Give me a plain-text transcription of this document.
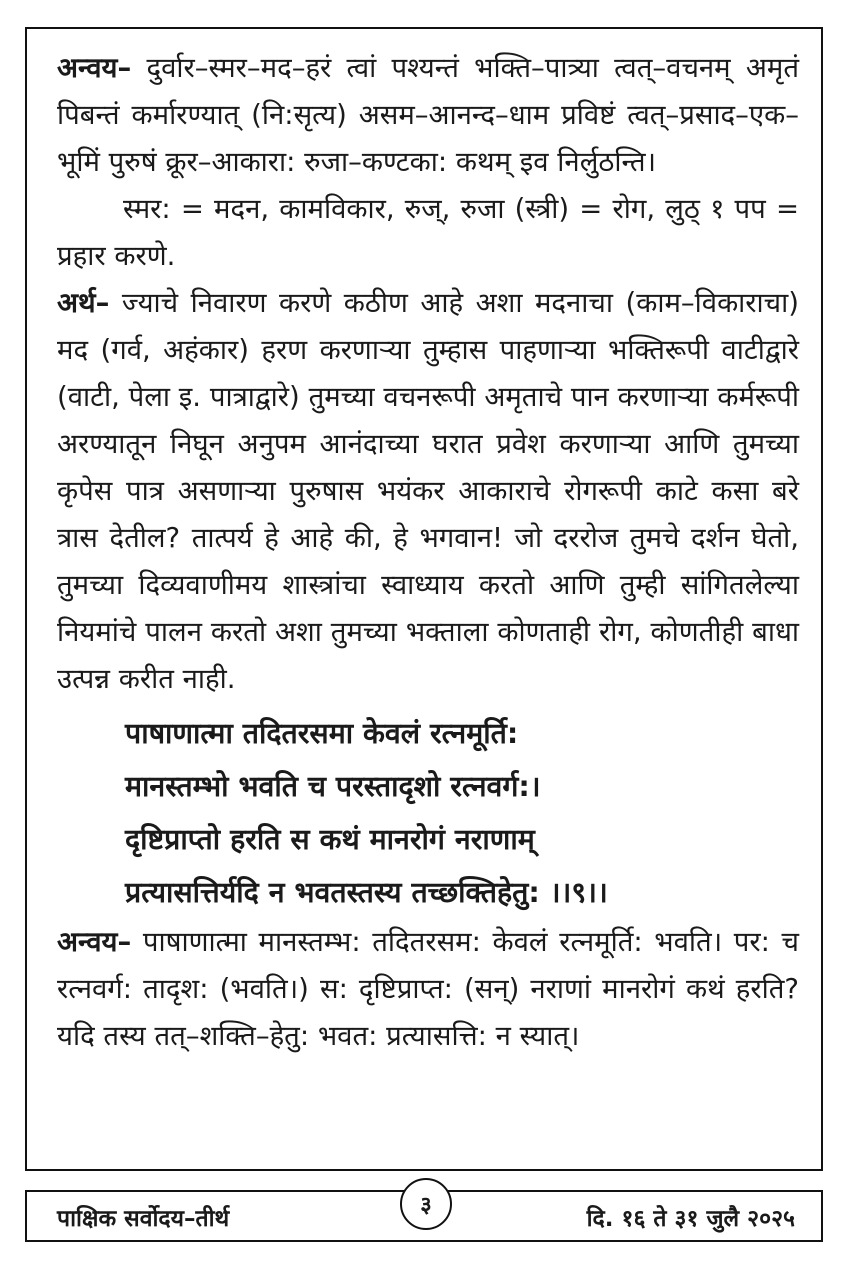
अन्वय– दुर्वार–स्मर–मद–हरं त्वां पश्यन्तं भक्ति–पात्र्या त्वत्–वचनम् अमृतं पिबन्तं कर्मारण्यात् (नि:सृत्य) असम–आनन्द–धाम प्रविष्टं त्वत्–प्रसाद–एक–भूमिं पुरुषं क्रूर–आकारा: रुजा–कण्टका: कथम् इव निर्लुठन्ति।

स्मर: = मदन, कामविकार, रुज्, रुजा (स्त्री) = रोग, लुठ् १ पप = प्रहार करणे.

अर्थ– ज्याचे निवारण करणे कठीण आहे अशा मदनाचा (काम–विकाराचा) मद (गर्व, अहंकार) हरण करणाऱ्या तुम्हास पाहणाऱ्या भक्तिरूपी वाटीद्वारे (वाटी, पेला इ. पात्राद्वारे) तुमच्या वचनरूपी अमृताचे पान करणाऱ्या कर्मरूपी अरण्यातून निघून अनुपम आनंदाच्या घरात प्रवेश करणाऱ्या आणि तुमच्या कृपेस पात्र असणाऱ्या पुरुषास भयंकर आकाराचे रोगरूपी काटे कसा बरे त्रास देतील? तात्पर्य हे आहे की, हे भगवान! जो दररोज तुमचे दर्शन घेतो, तुमच्या दिव्यवाणीमय शास्त्रांचा स्वाध्याय करतो आणि तुम्ही सांगितलेल्या नियमांचे पालन करतो अशा तुमच्या भक्ताला कोणताही रोग, कोणतीही बाधा उत्पन्न करीत नाही.

पाषाणात्मा तदितरसमा केवलं रत्नमूर्ति:
मानस्तम्भो भवति च परस्तादृशो रत्नवर्ग:।
दृष्टिप्राप्तो हरति स कथं मानरोगं नराणाम्
प्रत्यासत्तिर्यदि न भवतस्तस्य तच्छक्तिहेतु: ।।९।।

अन्वय– पाषाणात्मा मानस्तम्भ: तदितरसम: केवलं रत्नमूर्ति: भवति। पर: च रत्नवर्ग: तादृश: (भवति।) स: दृष्टिप्राप्त: (सन्) नराणां मानरोगं कथं हरति? यदि तस्य तत्–शक्ति–हेतु: भवत: प्रत्यासत्ति: न स्यात्।

पाक्षिक सर्वोदय–तीर्थ
३
दि. १६ ते ३१ जुलै २०२५
